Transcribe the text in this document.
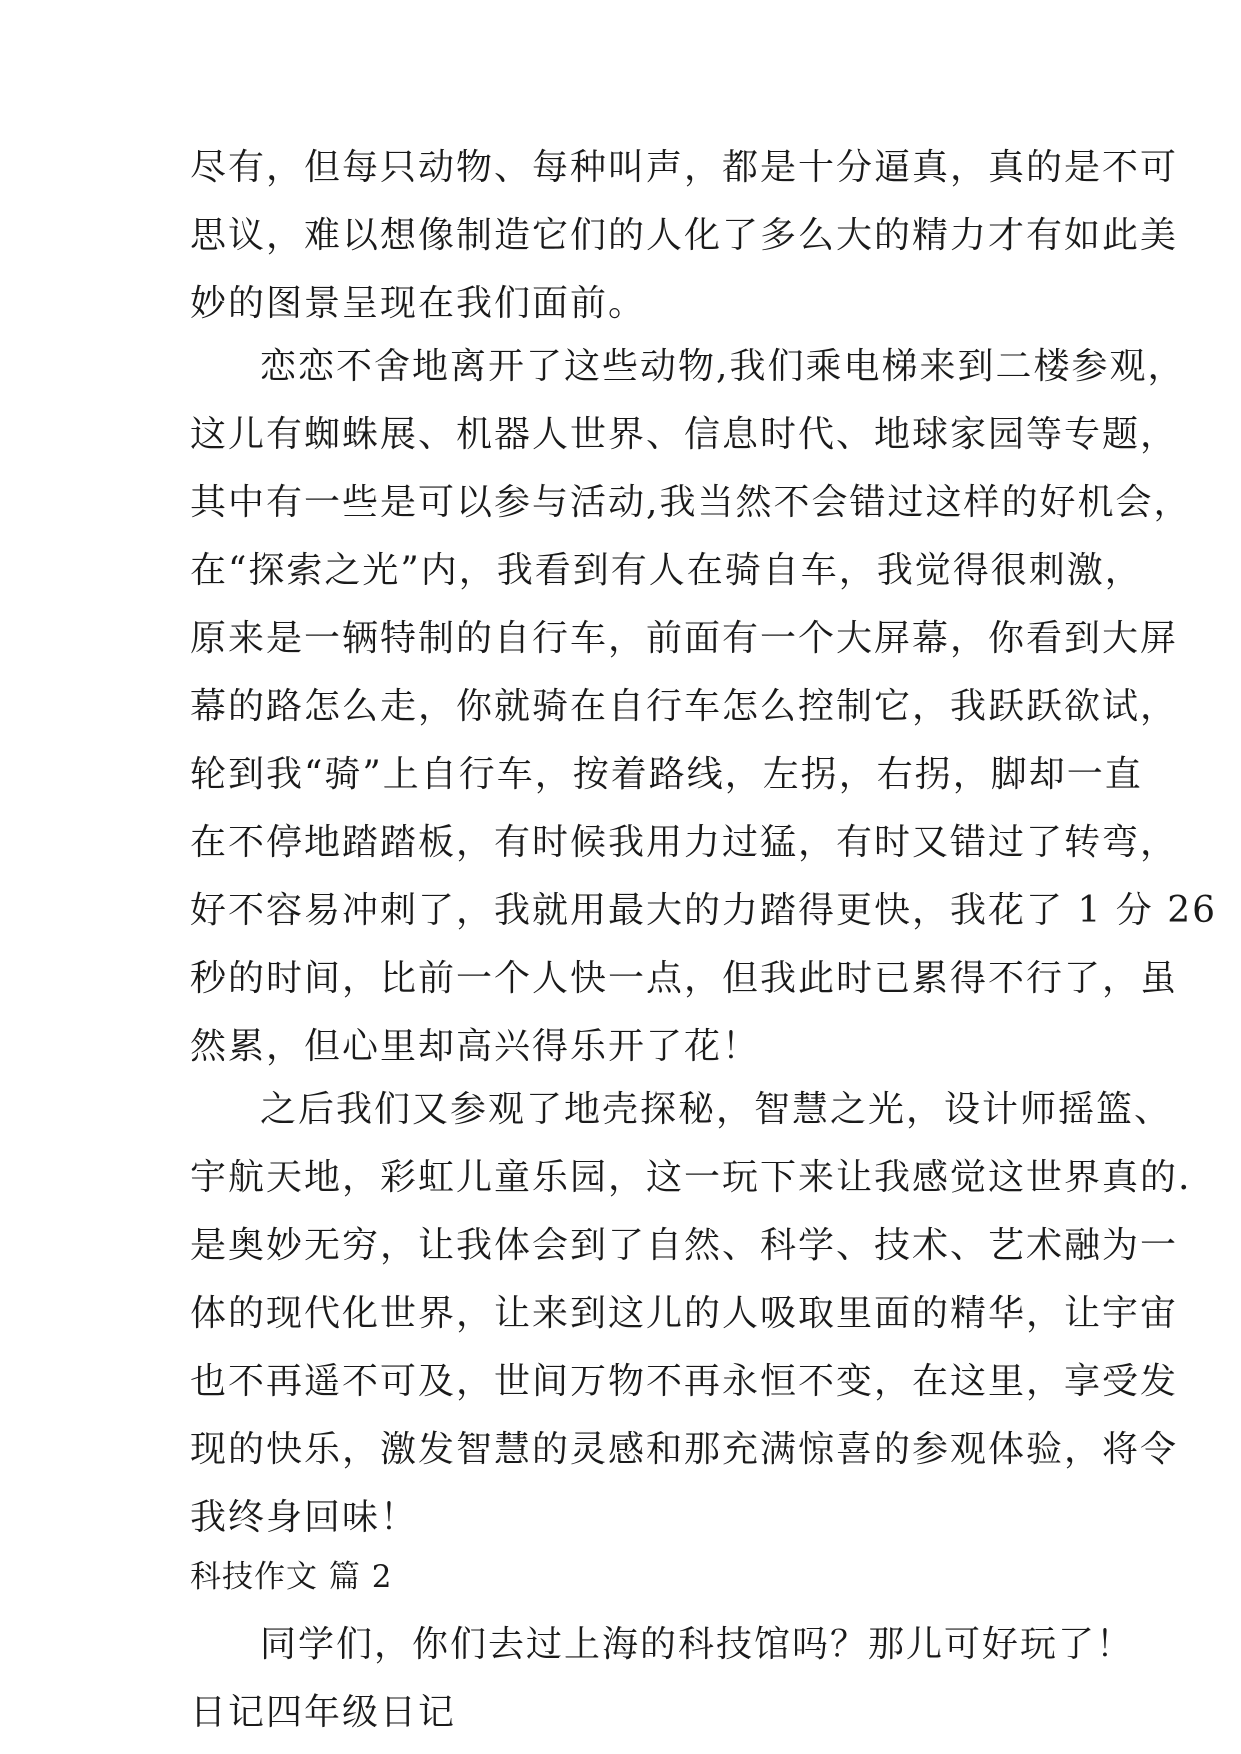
尽有，但每只动物、每种叫声，都是十分逼真，真的是不可
思议，难以想像制造它们的人化了多么大的精力才有如此美
妙的图景呈现在我们面前。
恋恋不舍地离开了这些动物,我们乘电梯来到二楼参观，
这儿有蜘蛛展、机器人世界、信息时代、地球家园等专题，
其中有一些是可以参与活动,我当然不会错过这样的好机会，
在“探索之光”内，我看到有人在骑自车，我觉得很刺激，
原来是一辆特制的自行车，前面有一个大屏幕，你看到大屏
幕的路怎么走，你就骑在自行车怎么控制它，我跃跃欲试，
轮到我“骑”上自行车，按着路线，左拐，右拐，脚却一直
在不停地踏踏板，有时候我用力过猛，有时又错过了转弯，
好不容易冲刺了，我就用最大的力踏得更快，我花了 1 分 26
秒的时间，比前一个人快一点，但我此时已累得不行了，虽
然累，但心里却高兴得乐开了花！
之后我们又参观了地壳探秘，智慧之光，设计师摇篮、
宇航天地，彩虹儿童乐园，这一玩下来让我感觉这世界真的.
是奥妙无穷，让我体会到了自然、科学、技术、艺术融为一
体的现代化世界，让来到这儿的人吸取里面的精华，让宇宙
也不再遥不可及，世间万物不再永恒不变，在这里，享受发
现的快乐，激发智慧的灵感和那充满惊喜的参观体验，将令
我终身回味！
科技作文 篇 2
同学们，你们去过上海的科技馆吗？那儿可好玩了！
日记四年级日记
